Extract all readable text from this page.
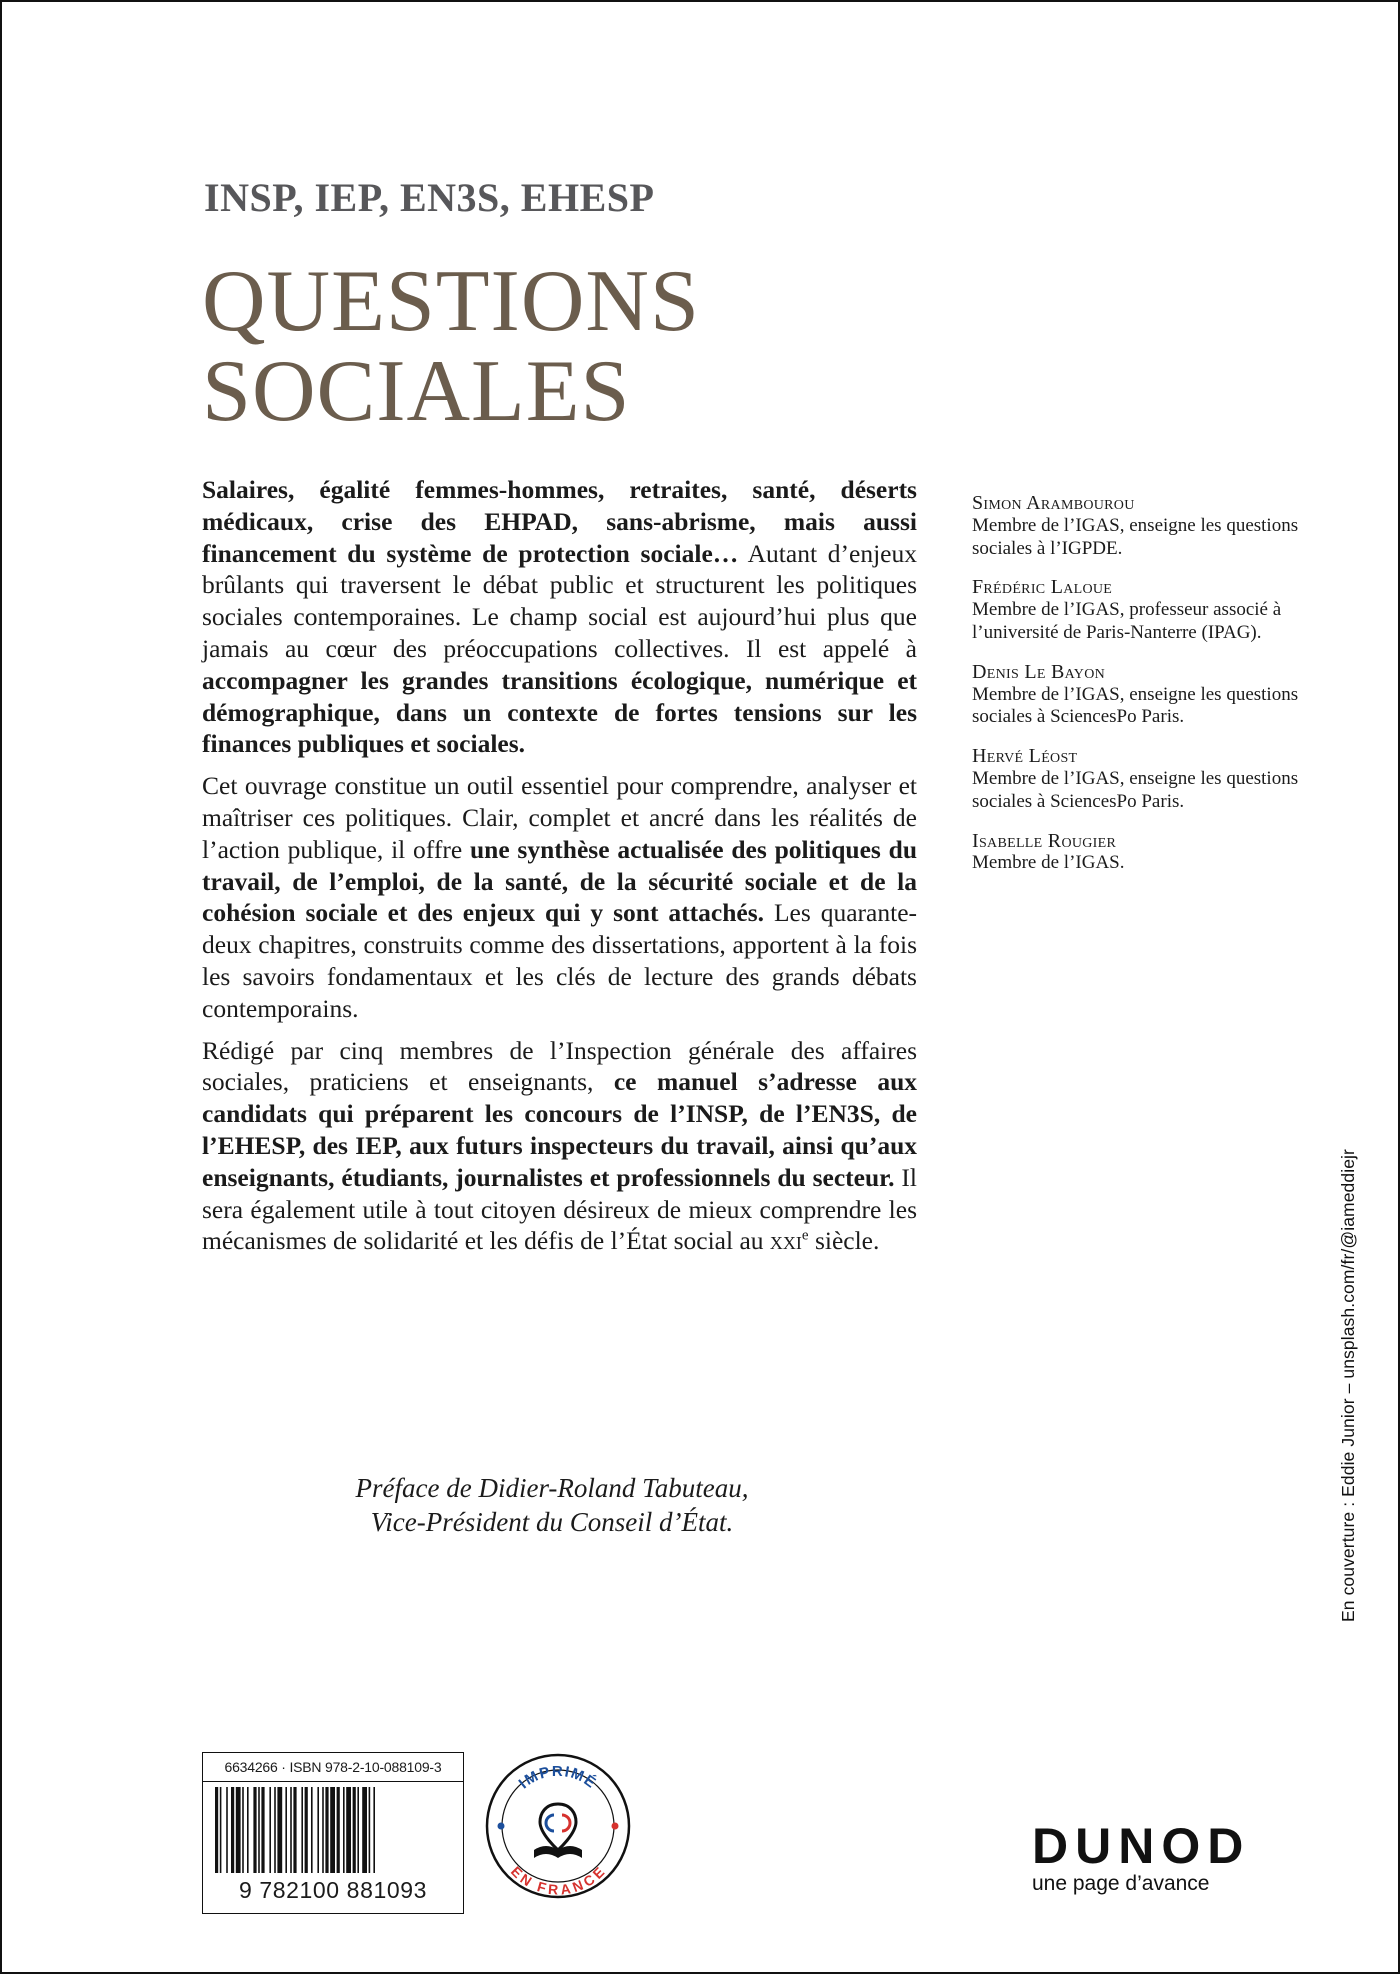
INSP, IEP, EN3S, EHESP
QUESTIONS
SOCIALES

Salaires, égalité femmes-hommes, retraites, santé, déserts médicaux, crise des EHPAD, sans-abrisme, mais aussi financement du système de protection sociale… Autant d’enjeux brûlants qui traversent le débat public et structurent les politiques sociales contemporaines. Le champ social est aujourd’hui plus que jamais au cœur des préoccupations collectives. Il est appelé à accompagner les grandes transitions écologique, numérique et démographique, dans un contexte de fortes tensions sur les finances publiques et sociales.

Cet ouvrage constitue un outil essentiel pour comprendre, analyser et maîtriser ces politiques. Clair, complet et ancré dans les réalités de l’action publique, il offre une synthèse actualisée des politiques du travail, de l’emploi, de la santé, de la sécurité sociale et de la cohésion sociale et des enjeux qui y sont attachés. Les quarante-deux chapitres, construits comme des dissertations, apportent à la fois les savoirs fondamentaux et les clés de lecture des grands débats contemporains.

Rédigé par cinq membres de l’Inspection générale des affaires sociales, praticiens et enseignants, ce manuel s’adresse aux candidats qui préparent les concours de l’INSP, de l’EN3S, de l’EHESP, des IEP, aux futurs inspecteurs du travail, ainsi qu’aux enseignants, étudiants, journalistes et professionnels du secteur. Il sera également utile à tout citoyen désireux de mieux comprendre les mécanismes de solidarité et les défis de l’État social au xxi$^e$ siècle.

Préface de Didier-Roland Tabuteau,
Vice-Président du Conseil d’État.
Simon Arambourou
Membre de l’IGAS, enseigne les questions sociales à l’IGPDE.
Frédéric Laloue
Membre de l’IGAS, professeur associé à l’université de Paris-Nanterre (IPAG).
Denis Le Bayon
Membre de l’IGAS, enseigne les questions sociales à SciencesPo Paris.
Hervé Léost
Membre de l’IGAS, enseigne les questions sociales à SciencesPo Paris.
Isabelle Rougier
Membre de l’IGAS.
En couverture : Eddie Junior – unsplash.com/fr/@iameddiejr
6634266 · ISBN 978-2-10-088109-3
9 782100 881093
IMPRIMÉ
EN FRANCE	DUNOD
une page d’avance
